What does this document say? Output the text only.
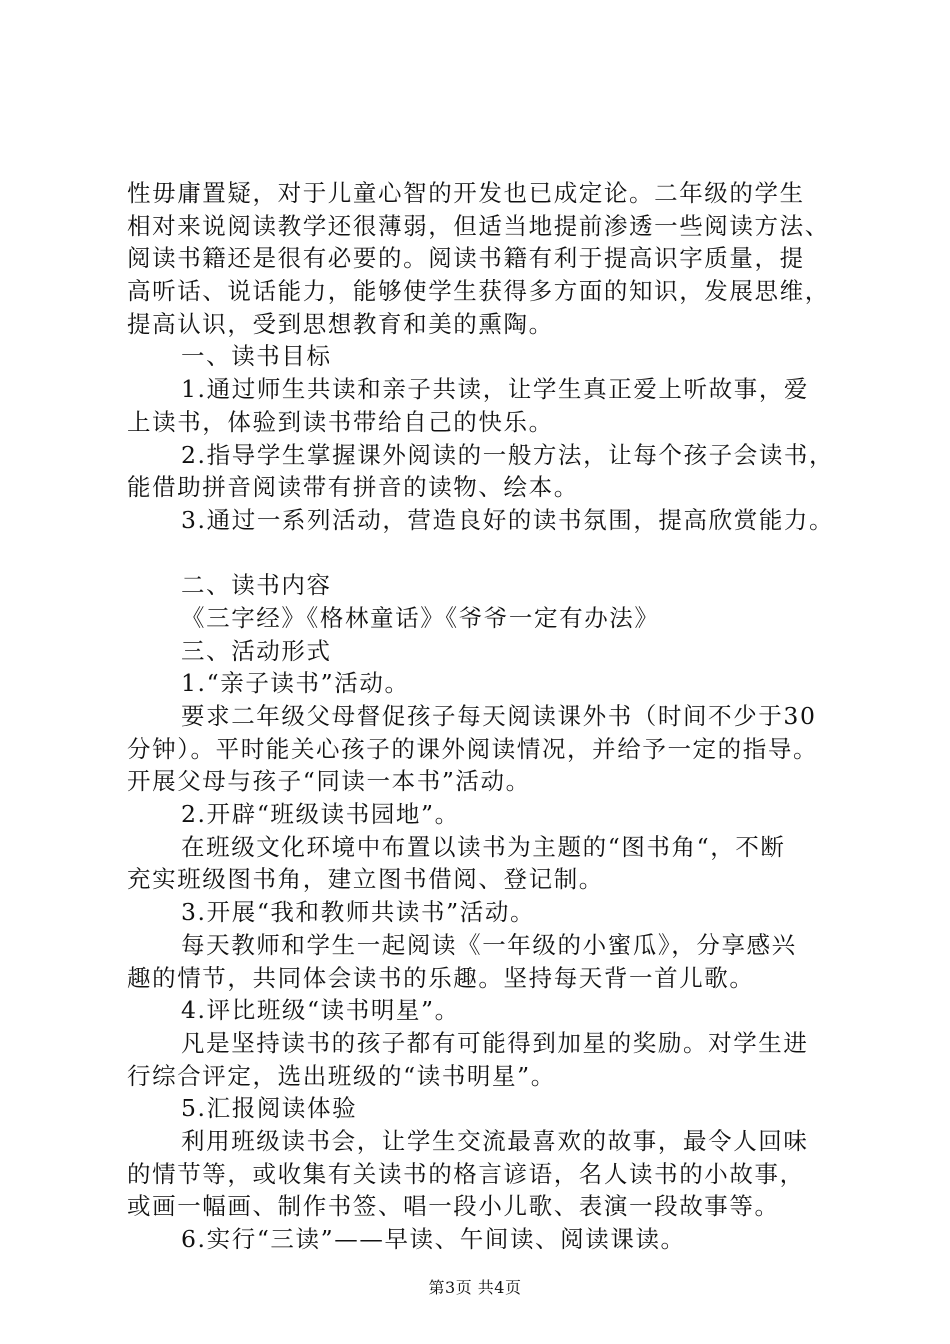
性毋庸置疑，对于儿童心智的开发也已成定论。二年级的学生
相对来说阅读教学还很薄弱，但适当地提前渗透一些阅读方法、
阅读书籍还是很有必要的。阅读书籍有利于提高识字质量，提
高听话、说话能力，能够使学生获得多方面的知识，发展思维，
提高认识，受到思想教育和美的熏陶。
一、读书目标
1.通过师生共读和亲子共读，让学生真正爱上听故事，爱
上读书，体验到读书带给自己的快乐。
2.指导学生掌握课外阅读的一般方法，让每个孩子会读书，
能借助拼音阅读带有拼音的读物、绘本。
3.通过一系列活动，营造良好的读书氛围，提高欣赏能力。
二、读书内容
《三字经》《格林童话》《爷爷一定有办法》
三、活动形式
1.“亲子读书”活动。
要求二年级父母督促孩子每天阅读课外书（时间不少于30
分钟）。平时能关心孩子的课外阅读情况，并给予一定的指导。
开展父母与孩子“同读一本书”活动。
2.开辟“班级读书园地”。
在班级文化环境中布置以读书为主题的“图书角“，不断
充实班级图书角，建立图书借阅、登记制。
3.开展“我和教师共读书”活动。
每天教师和学生一起阅读《一年级的小蜜瓜》，分享感兴
趣的情节，共同体会读书的乐趣。坚持每天背一首儿歌。
4.评比班级“读书明星”。
凡是坚持读书的孩子都有可能得到加星的奖励。对学生进
行综合评定，选出班级的“读书明星”。
5.汇报阅读体验
利用班级读书会，让学生交流最喜欢的故事，最令人回味
的情节等，或收集有关读书的格言谚语，名人读书的小故事，
或画一幅画、制作书签、唱一段小儿歌、表演一段故事等。
6.实行“三读”——早读、午间读、阅读课读。
第3页 共4页
